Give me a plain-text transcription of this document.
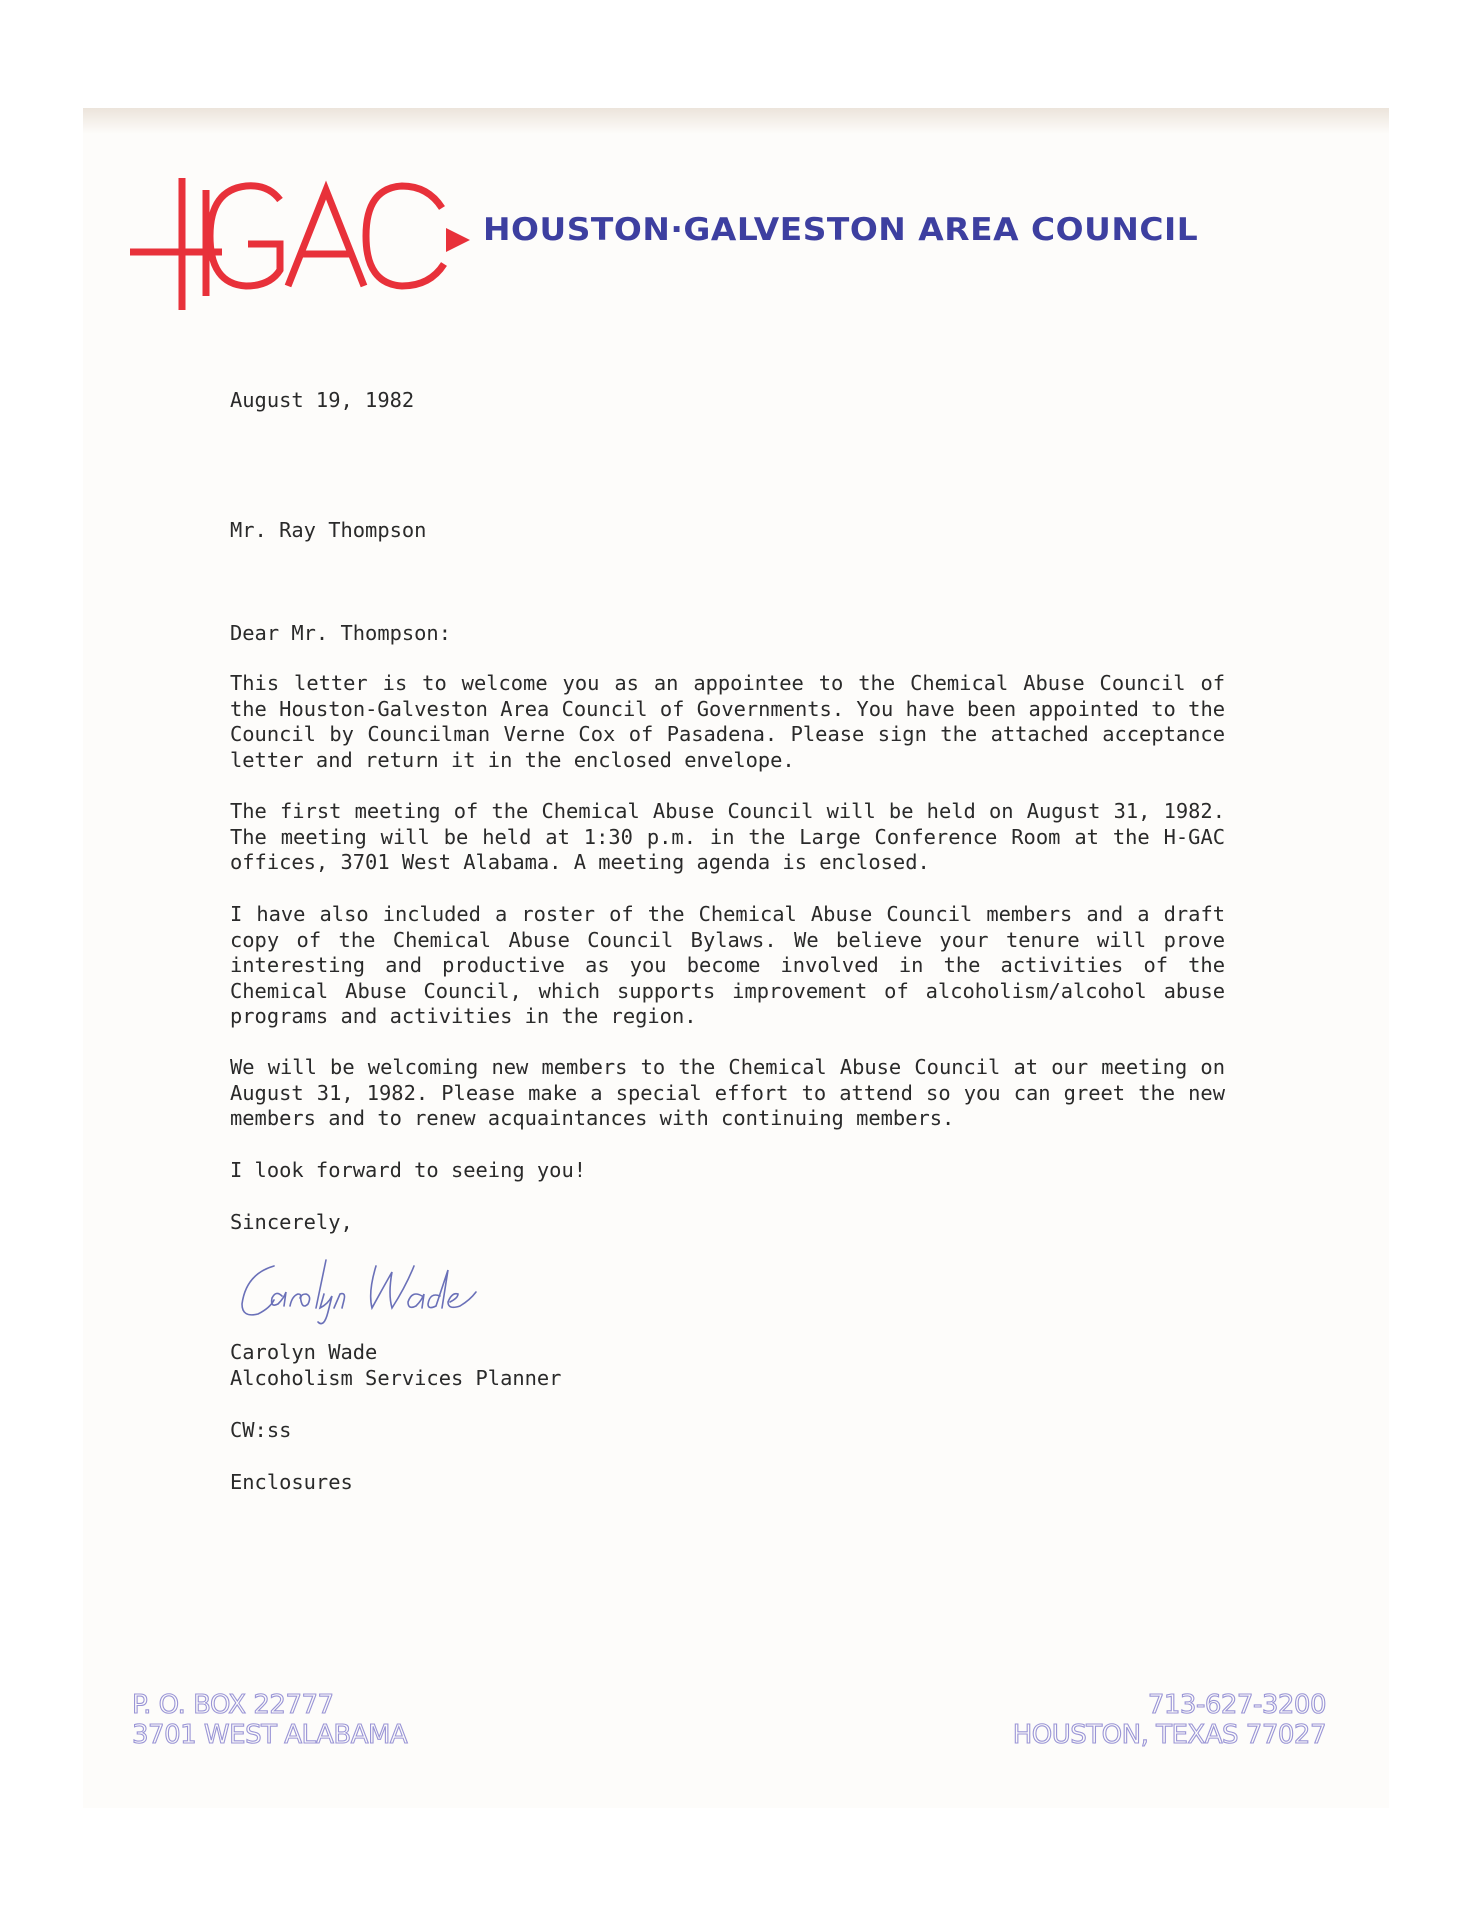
HOUSTON·GALVESTON AREA COUNCIL
August 19, 1982
Mr. Ray Thompson
Dear Mr. Thompson:
This letter is to welcome you as an appointee to the Chemical Abuse Council of the Houston-Galveston Area Council of Governments. You have been appointed to the Council by Councilman Verne Cox of Pasadena. Please sign the attached acceptance letter and return it in the enclosed envelope.
The first meeting of the Chemical Abuse Council will be held on August 31, 1982. The meeting will be held at 1:30 p.m. in the Large Conference Room at the H-GAC offices, 3701 West Alabama. A meeting agenda is enclosed.
I have also included a roster of the Chemical Abuse Council members and a draft copy of the Chemical Abuse Council Bylaws. We believe your tenure will prove interesting and productive as you become involved in the activities of the Chemical Abuse Council, which supports improvement of alcoholism/alcohol abuse programs and activities in the region.
We will be welcoming new members to the Chemical Abuse Council at our meeting on August 31, 1982. Please make a special effort to attend so you can greet the new members and to renew acquaintances with continuing members.
I look forward to seeing you!
Sincerely,
Carolyn Wade
Alcoholism Services Planner
CW:ss
Enclosures
P. O. BOX 22777
3701 WEST ALABAMA
713-627-3200
HOUSTON, TEXAS 77027
